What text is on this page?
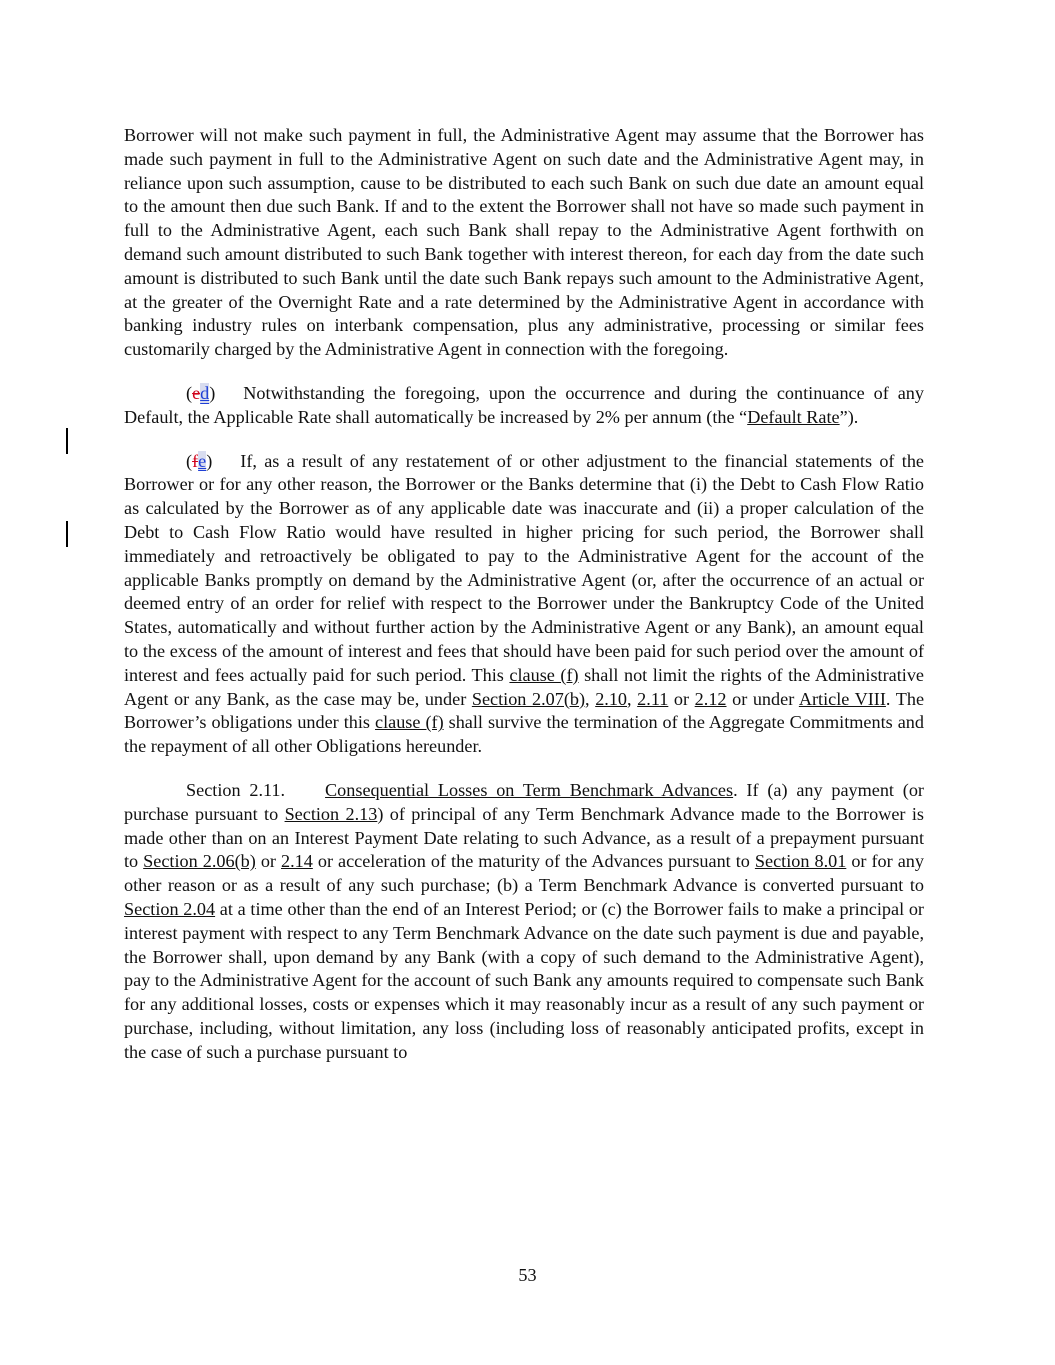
Borrower will not make such payment in full, the Administrative Agent may assume that the Borrower has made such payment in full to the Administrative Agent on such date and the Administrative Agent may, in reliance upon such assumption, cause to be distributed to each such Bank on such due date an amount equal to the amount then due such Bank. If and to the extent the Borrower shall not have so made such payment in full to the Administrative Agent, each such Bank shall repay to the Administrative Agent forthwith on demand such amount distributed to such Bank together with interest thereon, for each day from the date such amount is distributed to such Bank until the date such Bank repays such amount to the Administrative Agent, at the greater of the Overnight Rate and a rate determined by the Administrative Agent in accordance with banking industry rules on interbank compensation, plus any administrative, processing or similar fees customarily charged by the Administrative Agent in connection with the foregoing.

(ed) Notwithstanding the foregoing, upon the occurrence and during the continuance of any Default, the Applicable Rate shall automatically be increased by 2% per annum (the “Default Rate”).

(fe) If, as a result of any restatement of or other adjustment to the financial statements of the Borrower or for any other reason, the Borrower or the Banks determine that (i) the Debt to Cash Flow Ratio as calculated by the Borrower as of any applicable date was inaccurate and (ii) a proper calculation of the Debt to Cash Flow Ratio would have resulted in higher pricing for such period, the Borrower shall immediately and retroactively be obligated to pay to the Administrative Agent for the account of the applicable Banks promptly on demand by the Administrative Agent (or, after the occurrence of an actual or deemed entry of an order for relief with respect to the Borrower under the Bankruptcy Code of the United States, automatically and without further action by the Administrative Agent or any Bank), an amount equal to the excess of the amount of interest and fees that should have been paid for such period over the amount of interest and fees actually paid for such period. This clause (f) shall not limit the rights of the Administrative Agent or any Bank, as the case may be, under Section 2.07(b), 2.10, 2.11 or 2.12 or under Article VIII. The Borrower’s obligations under this clause (f) shall survive the termination of the Aggregate Commitments and the repayment of all other Obligations hereunder.

Section 2.11. Consequential Losses on Term Benchmark Advances. If (a) any payment (or purchase pursuant to Section 2.13) of principal of any Term Benchmark Advance made to the Borrower is made other than on an Interest Payment Date relating to such Advance, as a result of a prepayment pursuant to Section 2.06(b) or 2.14 or acceleration of the maturity of the Advances pursuant to Section 8.01 or for any other reason or as a result of any such purchase; (b) a Term Benchmark Advance is converted pursuant to Section 2.04 at a time other than the end of an Interest Period; or (c) the Borrower fails to make a principal or interest payment with respect to any Term Benchmark Advance on the date such payment is due and payable, the Borrower shall, upon demand by any Bank (with a copy of such demand to the Administrative Agent), pay to the Administrative Agent for the account of such Bank any amounts required to compensate such Bank for any additional losses, costs or expenses which it may reasonably incur as a result of any such payment or purchase, including, without limitation, any loss (including loss of reasonably anticipated profits, except in the case of such a purchase pursuant to

53
